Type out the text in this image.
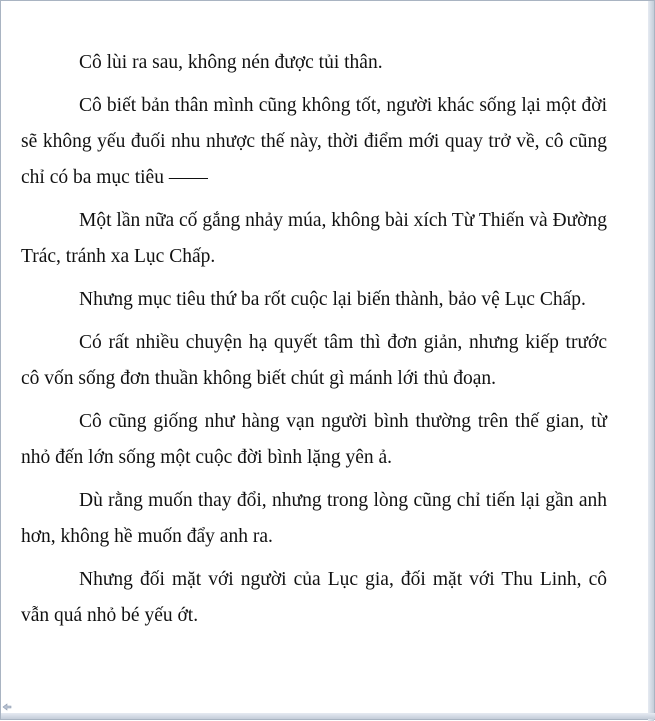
Cô lùi ra sau, không nén được tủi thân.

Cô biết bản thân mình cũng không tốt, người khác sống lại một đời sẽ không yếu đuối nhu nhược thế này, thời điểm mới quay trở về, cô cũng chỉ có ba mục tiêu ——

Một lần nữa cố gắng nhảy múa, không bài xích Từ Thiến và Đường Trác, tránh xa Lục Chấp.

Nhưng mục tiêu thứ ba rốt cuộc lại biến thành, bảo vệ Lục Chấp.

Có rất nhiều chuyện hạ quyết tâm thì đơn giản, nhưng kiếp trước cô vốn sống đơn thuần không biết chút gì mánh lới thủ đoạn.

Cô cũng giống như hàng vạn người bình thường trên thế gian, từ nhỏ đến lớn sống một cuộc đời bình lặng yên ả.

Dù rằng muốn thay đổi, nhưng trong lòng cũng chỉ tiến lại gần anh hơn, không hề muốn đẩy anh ra.

Nhưng đối mặt với người của Lục gia, đối mặt với Thu Linh, cô vẫn quá nhỏ bé yếu ớt.
